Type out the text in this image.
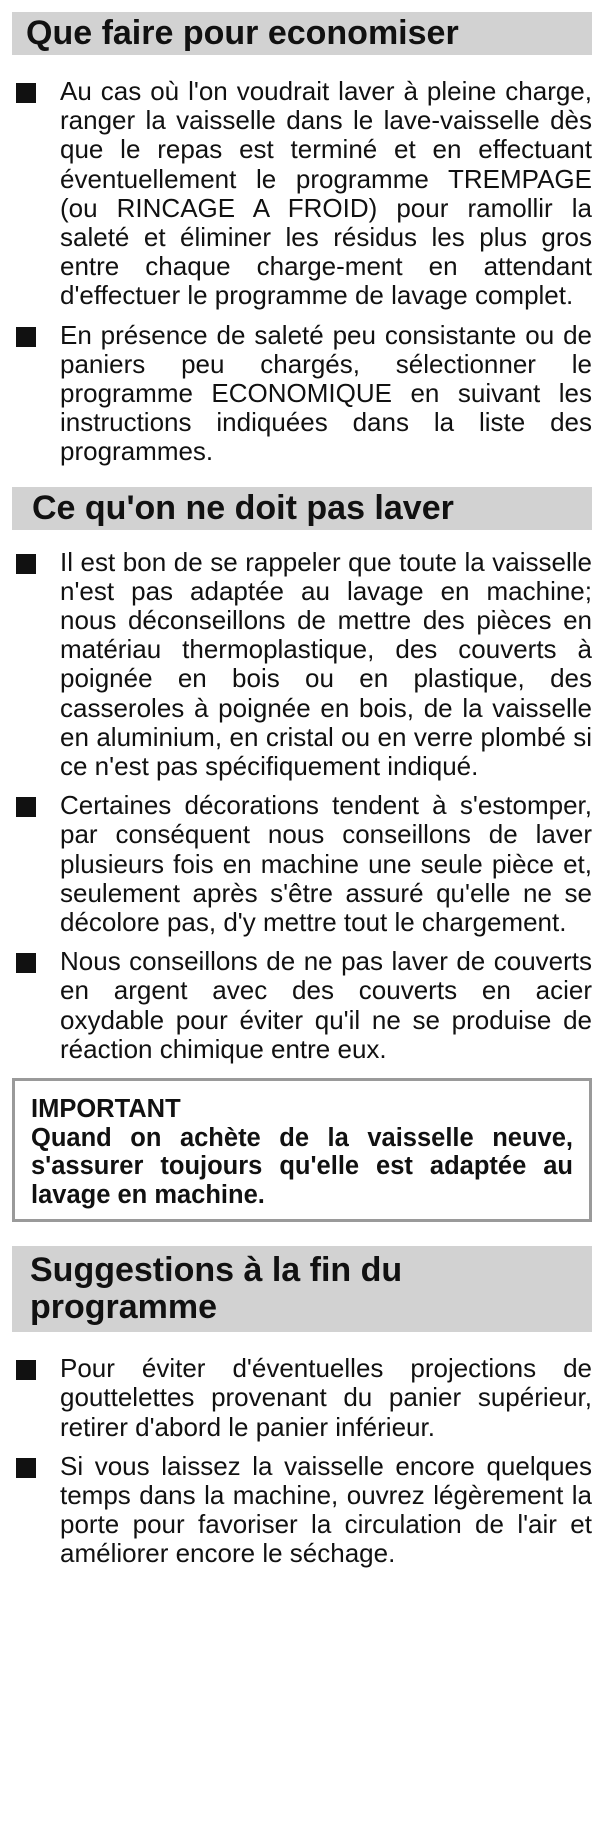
Que faire pour economiser
Au cas où l'on voudrait laver à pleine charge, ranger la vaisselle dans le lave-vaisselle dès que le repas est terminé et en effectuant éventuellement le programme TREMPAGE (ou RINCAGE A FROID) pour ramollir la saleté et éliminer les résidus les plus gros entre chaque charge-ment en attendant d'effectuer le programme de lavage complet.
En présence de saleté peu consistante ou de paniers peu chargés, sélectionner le programme ECONOMIQUE en suivant les instructions indiquées dans la liste des programmes.
Ce qu'on ne doit pas laver
Il est bon de se rappeler que toute la vaisselle n'est pas adaptée au lavage en machine; nous déconseillons de mettre des pièces en matériau thermoplastique, des couverts à poignée en bois ou en plastique, des casseroles à poignée en bois, de la vaisselle en aluminium, en cristal ou en verre plombé si ce n'est pas spécifiquement indiqué.
Certaines décorations tendent à s'estomper, par conséquent nous conseillons de laver plusieurs fois en machine une seule pièce et, seulement après s'être assuré qu'elle ne se décolore pas, d'y mettre tout le chargement.
Nous conseillons de ne pas laver de couverts en argent avec des couverts en acier oxydable pour éviter qu'il ne se produise de réaction chimique entre eux.
IMPORTANT
Quand on achète de la vaisselle neuve, s'assurer toujours qu'elle est adaptée au lavage en machine.
Suggestions à la fin du programme
Pour éviter d'éventuelles projections de gouttelettes provenant du panier supérieur, retirer d'abord le panier inférieur.
Si vous laissez la vaisselle encore quelques temps dans la machine, ouvrez légèrement la porte pour favoriser la circulation de l'air et améliorer encore le séchage.
